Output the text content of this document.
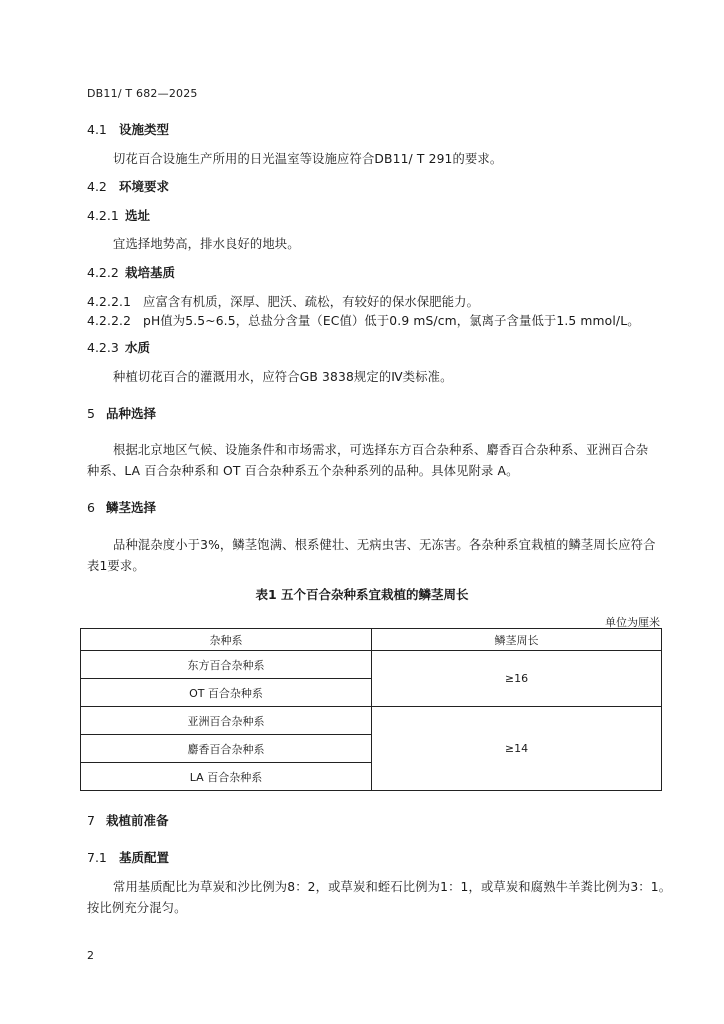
DB11/ T 682—2025
4.1 设施类型
切花百合设施生产所用的日光温室等设施应符合DB11/ T 291的要求。
4.2 环境要求
4.2.1 选址
宜选择地势高，排水良好的地块。
4.2.2 栽培基质
4.2.2.1 应富含有机质，深厚、肥沃、疏松，有较好的保水保肥能力。
4.2.2.2 pH值为5.5~6.5，总盐分含量（EC值）低于0.9 mS/cm，氯离子含量低于1.5 mmol/L。
4.2.3 水质
种植切花百合的灌溉用水，应符合GB 3838规定的Ⅳ类标准。
5 品种选择
根据北京地区气候、设施条件和市场需求，可选择东方百合杂种系、麝香百合杂种系、亚洲百合杂
种系、LA 百合杂种系和 OT 百合杂种系五个杂种系列的品种。具体见附录 A。
6 鳞茎选择
品种混杂度小于3%，鳞茎饱满、根系健壮、无病虫害、无冻害。各杂种系宜栽植的鳞茎周长应符合
表1要求。
表1 五个百合杂种系宜栽植的鳞茎周长
单位为厘米
杂种系	鳞茎周长
东方百合杂种系	≥16
OT 百合杂种系	
亚洲百合杂种系	≥14
麝香百合杂种系	
LA 百合杂种系	
7 栽植前准备
7.1 基质配置
常用基质配比为草炭和沙比例为8：2，或草炭和蛭石比例为1：1，或草炭和腐熟牛羊粪比例为3：1。
按比例充分混匀。
2
